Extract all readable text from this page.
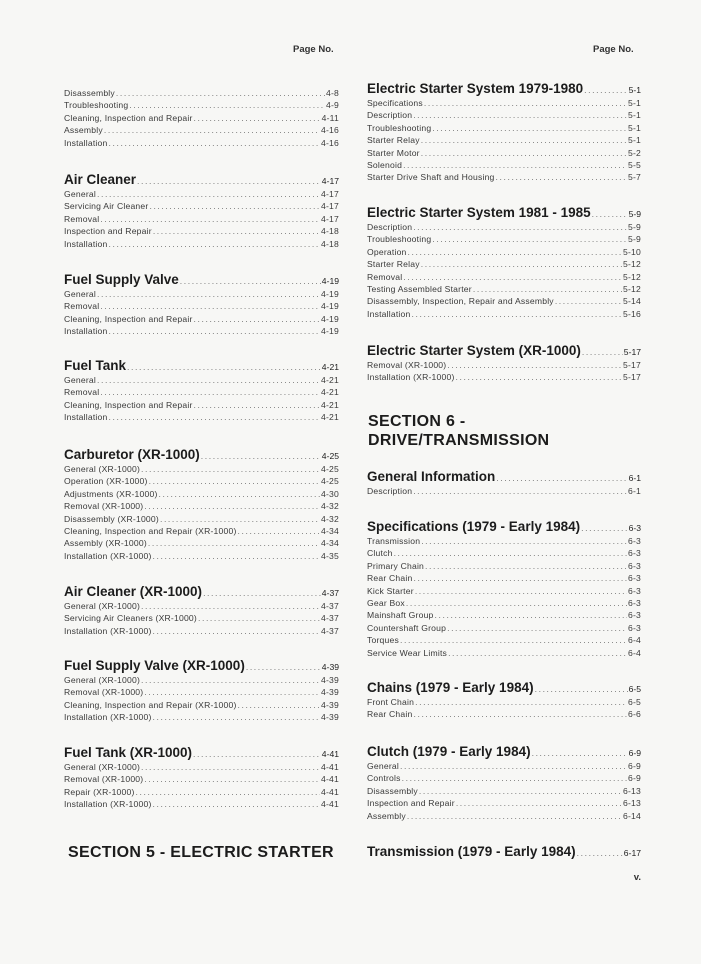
Page No.	Page No.
Disassembly .....	4-8
Troubleshooting .....	4-9
Cleaning, Inspection and Repair .....	4-11
Assembly .....	4-16
Installation .....	4-16
Air Cleaner .....	4-17
General .....	4-17
Servicing Air Cleaner .....	4-17
Removal .....	4-17
Inspection and Repair .....	4-18
Installation .....	4-18
Fuel Supply Valve .....	4-19
General .....	4-19
Removal .....	4-19
Cleaning, Inspection and Repair .....	4-19
Installation .....	4-19
Fuel Tank .....	4-21
General .....	4-21
Removal .....	4-21
Cleaning, Inspection and Repair .....	4-21
Installation .....	4-21
Carburetor (XR-1000) .....	4-25
General (XR-1000) .....	4-25
Operation (XR-1000) .....	4-25
Adjustments (XR-1000) .....	4-30
Removal (XR-1000) .....	4-32
Disassembly (XR-1000) .....	4-32
Cleaning, Inspection and Repair (XR-1000) .....	4-34
Assembly (XR-1000) .....	4-34
Installation (XR-1000) .....	4-35
Air Cleaner (XR-1000) .....	4-37
General (XR-1000) .....	4-37
Servicing Air Cleaners (XR-1000) .....	4-37
Installation (XR-1000) .....	4-37
Fuel Supply Valve (XR-1000) .....	4-39
General (XR-1000) .....	4-39
Removal (XR-1000) .....	4-39
Cleaning, Inspection and Repair (XR-1000) .....	4-39
Installation (XR-1000) .....	4-39
Fuel Tank (XR-1000) .....	4-41
General (XR-1000) .....	4-41
Removal (XR-1000) .....	4-41
Repair (XR-1000) .....	4-41
Installation (XR-1000) .....	4-41
Electric Starter System 1979-1980 .....	5-1
Specifications .....	5-1
Description .....	5-1
Troubleshooting .....	5-1
Starter Relay .....	5-1
Starter Motor .....	5-2
Solenoid .....	5-5
Starter Drive Shaft and Housing .....	5-7
Electric Starter System 1981 - 1985 .....	5-9
Description .....	5-9
Troubleshooting .....	5-9
Operation .....	5-10
Starter Relay .....	5-12
Removal .....	5-12
Testing Assembled Starter .....	5-12
Disassembly, Inspection, Repair and Assembly .....	5-14
Installation .....	5-16
Electric Starter System (XR-1000) .....	5-17
Removal (XR-1000) .....	5-17
Installation (XR-1000) .....	5-17
General Information .....	6-1
Description .....	6-1
Specifications (1979 - Early 1984) .....	6-3
Transmission .....	6-3
Clutch .....	6-3
Primary Chain .....	6-3
Rear Chain .....	6-3
Kick Starter .....	6-3
Gear Box .....	6-3
Mainshaft Group .....	6-3
Countershaft Group .....	6-3
Torques .....	6-4
Service Wear Limits .....	6-4
Chains (1979 - Early 1984) .....	6-5
Front Chain .....	6-5
Rear Chain .....	6-6
Clutch (1979 - Early 1984) .....	6-9
General .....	6-9
Controls .....	6-9
Disassembly .....	6-13
Inspection and Repair .....	6-13
Assembly .....	6-14
Transmission (1979 - Early 1984) .....	6-17
SECTION 5 - ELECTRIC STARTER
SECTION 6 -
DRIVE/TRANSMISSION
v.
